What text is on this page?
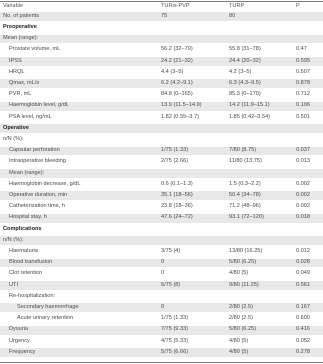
Variable	TURis-PVP	TURP	P
No. of patients	75	80
Preoperative
Mean (range):
Prostate volume, mL	56.2 (32–79)	55.8 (31–78)	0.47
IPSS	24.2 (21–32)	24.4 (20–32)	0.595
HRQL	4.4 (3–5)	4.2 (3–5)	0.507
Qmax, mL/s	6.2 (4.2–9.1)	6.3 (4.3–9.5)	0.878
PVR, mL	84.8 (0–165)	85.3 (0–170)	0.712
Haemoglobin level, g/dL	13.9 (11.5–14.9)	14.2 (11.9–15.1)	0.106
PSA level, ng/mL	1.82 (0.55–3.7)	1.85 (0.42–3.54)	0.501
Operative
n/N (%):
Capsular perforation	1/75 (1.33)	7/80 (8.75)	0.037
Intraoperative bleeding	2/75 (2.66)	11/80 (13.75)	0.013
Mean (range):
Haemoglobin decrease, g/dL	0.6 (0.1–1.3)	1.5 (0.3–2.2)	0.002
Operative duration, min	35.1 (18–56)	50.4 (34–78)	0.002
Catheterization time, h	23.8 (18–36)	71.2 (48–96)	0.002
Hospital stay, h	47.6 (24–72)	93.1 (72–120)	0.018
Complications
n/N (%):
Haematuria	3/75 (4)	13/80 (16.25)	0.012
Blood transfusion	0	5/80 (6.25)	0.028
Clot retention	0	4/80 (5)	0.049
UTI	6/75 (8)	9/80 (11.25)	0.561
Re-hospitalization:
Secondary haemorrhage	0	2/80 (2.5)	0.167
Acute urinary retention	1/75 (1.33)	2/80 (2.5)	0.600
Dysuria	7/75 (9.33)	5/80 (6.25)	0.416
Urgency	4/75 (5.33)	4/80 (5)	0.052
Frequency	5/75 (6.66)	4/80 (5)	0.278
